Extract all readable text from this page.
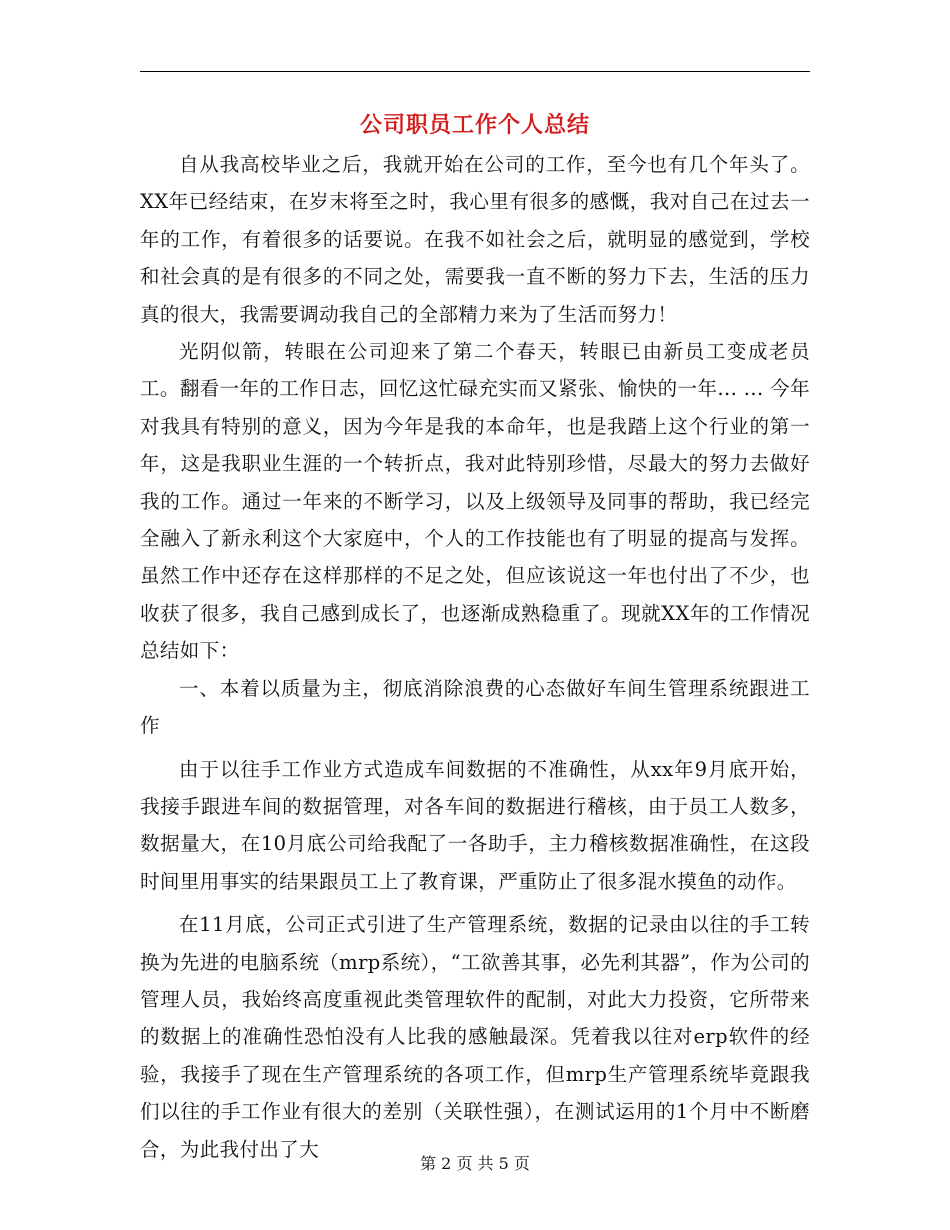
公司职员工作个人总结

自从我高校毕业之后，我就开始在公司的工作，至今也有几个年头了。XX年已经结束，在岁末将至之时，我心里有很多的感慨，我对自己在过去一年的工作，有着很多的话要说。在我不如社会之后，就明显的感觉到，学校和社会真的是有很多的不同之处，需要我一直不断的努力下去，生活的压力真的很大，我需要调动我自己的全部精力来为了生活而努力！

光阴似箭，转眼在公司迎来了第二个春天，转眼已由新员工变成老员工。翻看一年的工作日志，回忆这忙碌充实而又紧张、愉快的一年... ... 今年对我具有特别的意义，因为今年是我的本命年，也是我踏上这个行业的第一年，这是我职业生涯的一个转折点，我对此特别珍惜，尽最大的努力去做好我的工作。通过一年来的不断学习，以及上级领导及同事的帮助，我已经完全融入了新永利这个大家庭中，个人的工作技能也有了明显的提高与发挥。虽然工作中还存在这样那样的不足之处，但应该说这一年也付出了不少，也收获了很多，我自己感到成长了，也逐渐成熟稳重了。现就XX年的工作情况总结如下：

一、本着以质量为主，彻底消除浪费的心态做好车间生管理系统跟进工作

由于以往手工作业方式造成车间数据的不准确性，从xx年9月底开始，我接手跟进车间的数据管理，对各车间的数据进行稽核，由于员工人数多，数据量大，在10月底公司给我配了一各助手，主力稽核数据准确性，在这段时间里用事实的结果跟员工上了教育课，严重防止了很多混水摸鱼的动作。

在11月底，公司正式引进了生产管理系统，数据的记录由以往的手工转换为先进的电脑系统（mrp系统），“工欲善其事，必先利其器”，作为公司的管理人员，我始终高度重视此类管理软件的配制，对此大力投资，它所带来的数据上的准确性恐怕没有人比我的感触最深。凭着我以往对erp软件的经验，我接手了现在生产管理系统的各项工作，但mrp生产管理系统毕竟跟我们以往的手工作业有很大的差别（关联性强），在测试运用的1个月中不断磨合，为此我付出了大

第 2 页 共 5 页
